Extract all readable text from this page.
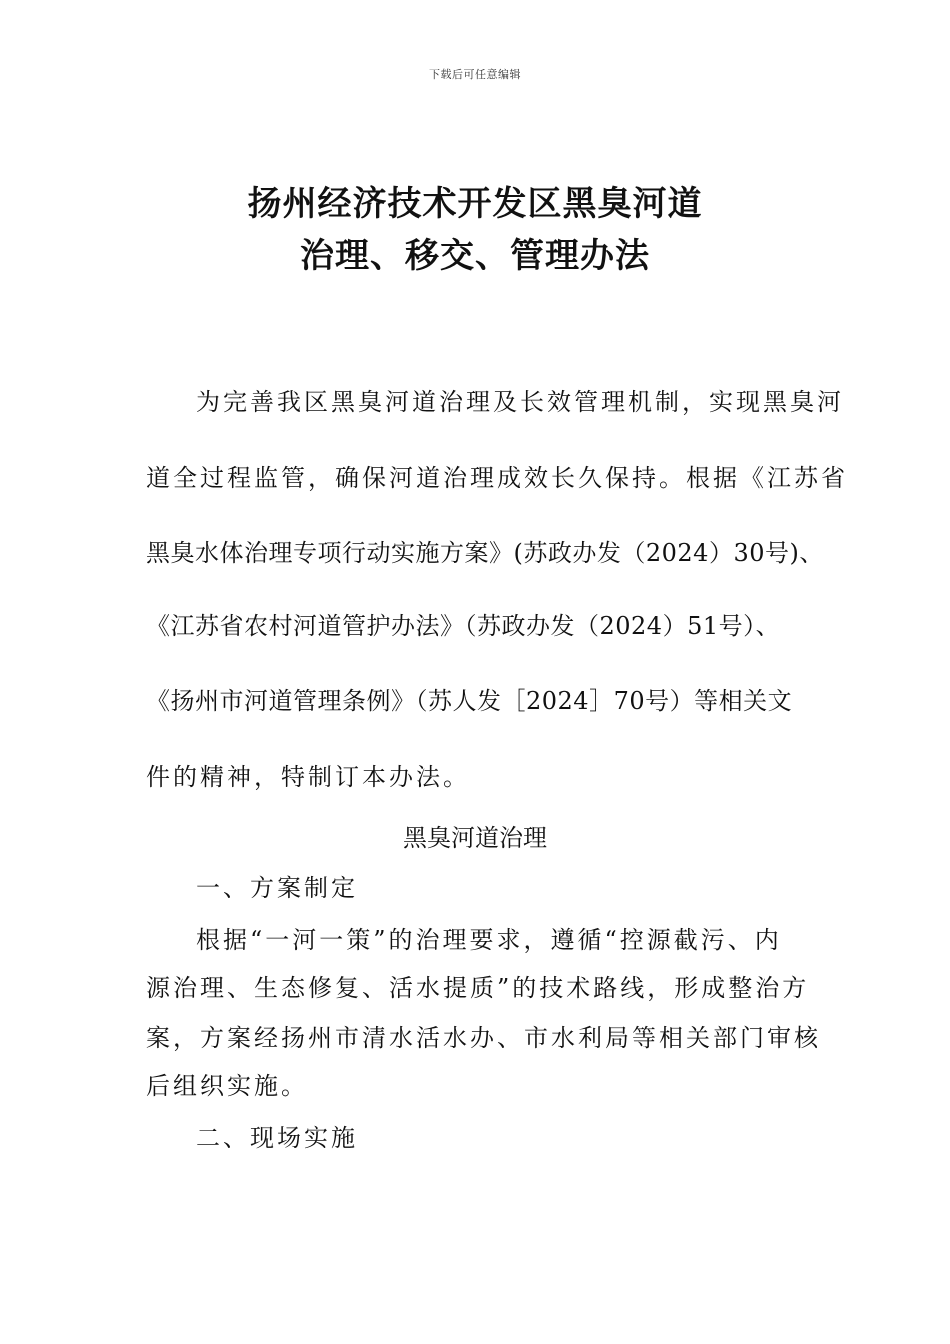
下载后可任意编辑
扬州经济技术开发区黑臭河道
治理、移交、管理办法
为完善我区黑臭河道治理及长效管理机制，实现黑臭河
道全过程监管，确保河道治理成效长久保持。根据《江苏省
黑臭水体治理专项行动实施方案》(苏政办发（2024）30号)、
《江苏省农村河道管护办法》（苏政办发（2024）51号）、
《扬州市河道管理条例》（苏人发［2024］70号）等相关文
件的精神，特制订本办法。
黑臭河道治理
一、方案制定
根据“一河一策”的治理要求，遵循“控源截污、内
源治理、生态修复、活水提质”的技术路线，形成整治方
案，方案经扬州市清水活水办、市水利局等相关部门审核
后组织实施。
二、现场实施
